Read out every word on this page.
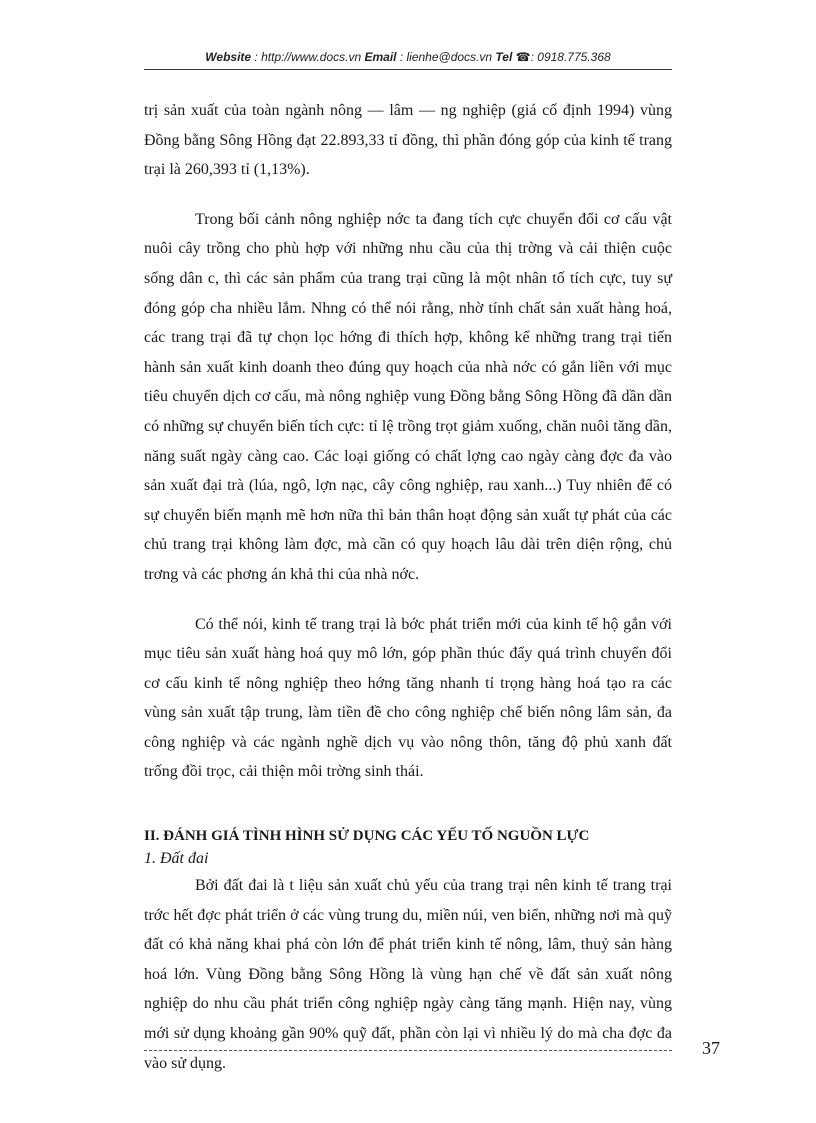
Website : http://www.docs.vn Email : lienhe@docs.vn Tel ☎: 0918.775.368

trị sản xuất của toàn ngành nông — lâm — ng nghiệp (giá cố định 1994) vùng Đồng bằng Sông Hồng đạt 22.893,33 tỉ đồng, thì phần đóng góp của kinh tế trang trại là 260,393 tỉ (1,13%).

Trong bối cảnh nông nghiệp nớc ta đang tích cực chuyển đổi cơ cấu vật nuôi cây trồng cho phù hợp với những nhu cầu của thị trờng và cải thiện cuộc sống dân c, thì các sản phẩm của trang trại cũng là một nhân tố tích cực, tuy sự đóng góp cha nhiều lắm. Nhng có thể nói rằng, nhờ tính chất sản xuất hàng hoá, các trang trại đã tự chọn lọc hớng đi thích hợp, không kể những trang trại tiến hành sản xuất kinh doanh theo đúng quy hoạch của nhà nớc có gắn liền với mục tiêu chuyển dịch cơ cấu, mà nông nghiệp vung Đồng bằng Sông Hồng đã dần dần có những sự chuyển biến tích cực: tỉ lệ trồng trọt giảm xuống, chăn nuôi tăng dần, năng suất ngày càng cao. Các loại giống có chất lợng cao ngày càng đợc đa vào sản xuất đại trà (lúa, ngô, lợn nạc, cây công nghiệp, rau xanh...) Tuy nhiên để có sự chuyển biến mạnh mẽ hơn nữa thì bản thân hoạt động sản xuất tự phát của các chủ trang trại không làm đợc, mà cần có quy hoạch lâu dài trên diện rộng, chủ trơng và các phơng án khả thi của nhà nớc.

Có thể nói, kinh tế trang trại là bớc phát triển mới của kinh tế hộ gắn với mục tiêu sản xuất hàng hoá quy mô lớn, góp phần thúc đẩy quá trình chuyển đổi cơ cấu kinh tế nông nghiệp theo hớng tăng nhanh tỉ trọng hàng hoá tạo ra các vùng sản xuất tập trung, làm tiền đề cho công nghiệp chế biến nông lâm sản, đa công nghiệp và các ngành nghề dịch vụ vào nông thôn, tăng độ phủ xanh đất trống đồi trọc, cải thiện môi trờng sinh thái.

II. ĐÁNH GIÁ TÌNH HÌNH SỬ DỤNG CÁC YẾU TỐ NGUỒN LỰC

1. Đất đai

Bởi đất đai là t liệu sản xuất chủ yếu của trang trại nên kinh tế trang trại trớc hết đợc phát triển ở các vùng trung du, miền núi, ven biển, những nơi mà quỹ đất có khả năng khai phá còn lớn để phát triển kinh tế nông, lâm, thuỷ sản hàng hoá lớn. Vùng Đồng bằng Sông Hồng là vùng hạn chế về đất sản xuất nông nghiệp do nhu cầu phát triển công nghiệp ngày càng tăng mạnh. Hiện nay, vùng mới sử dụng khoảng gần 90% quỹ đất, phần còn lại vì nhiều lý do mà cha đợc đa vào sử dụng.

37
